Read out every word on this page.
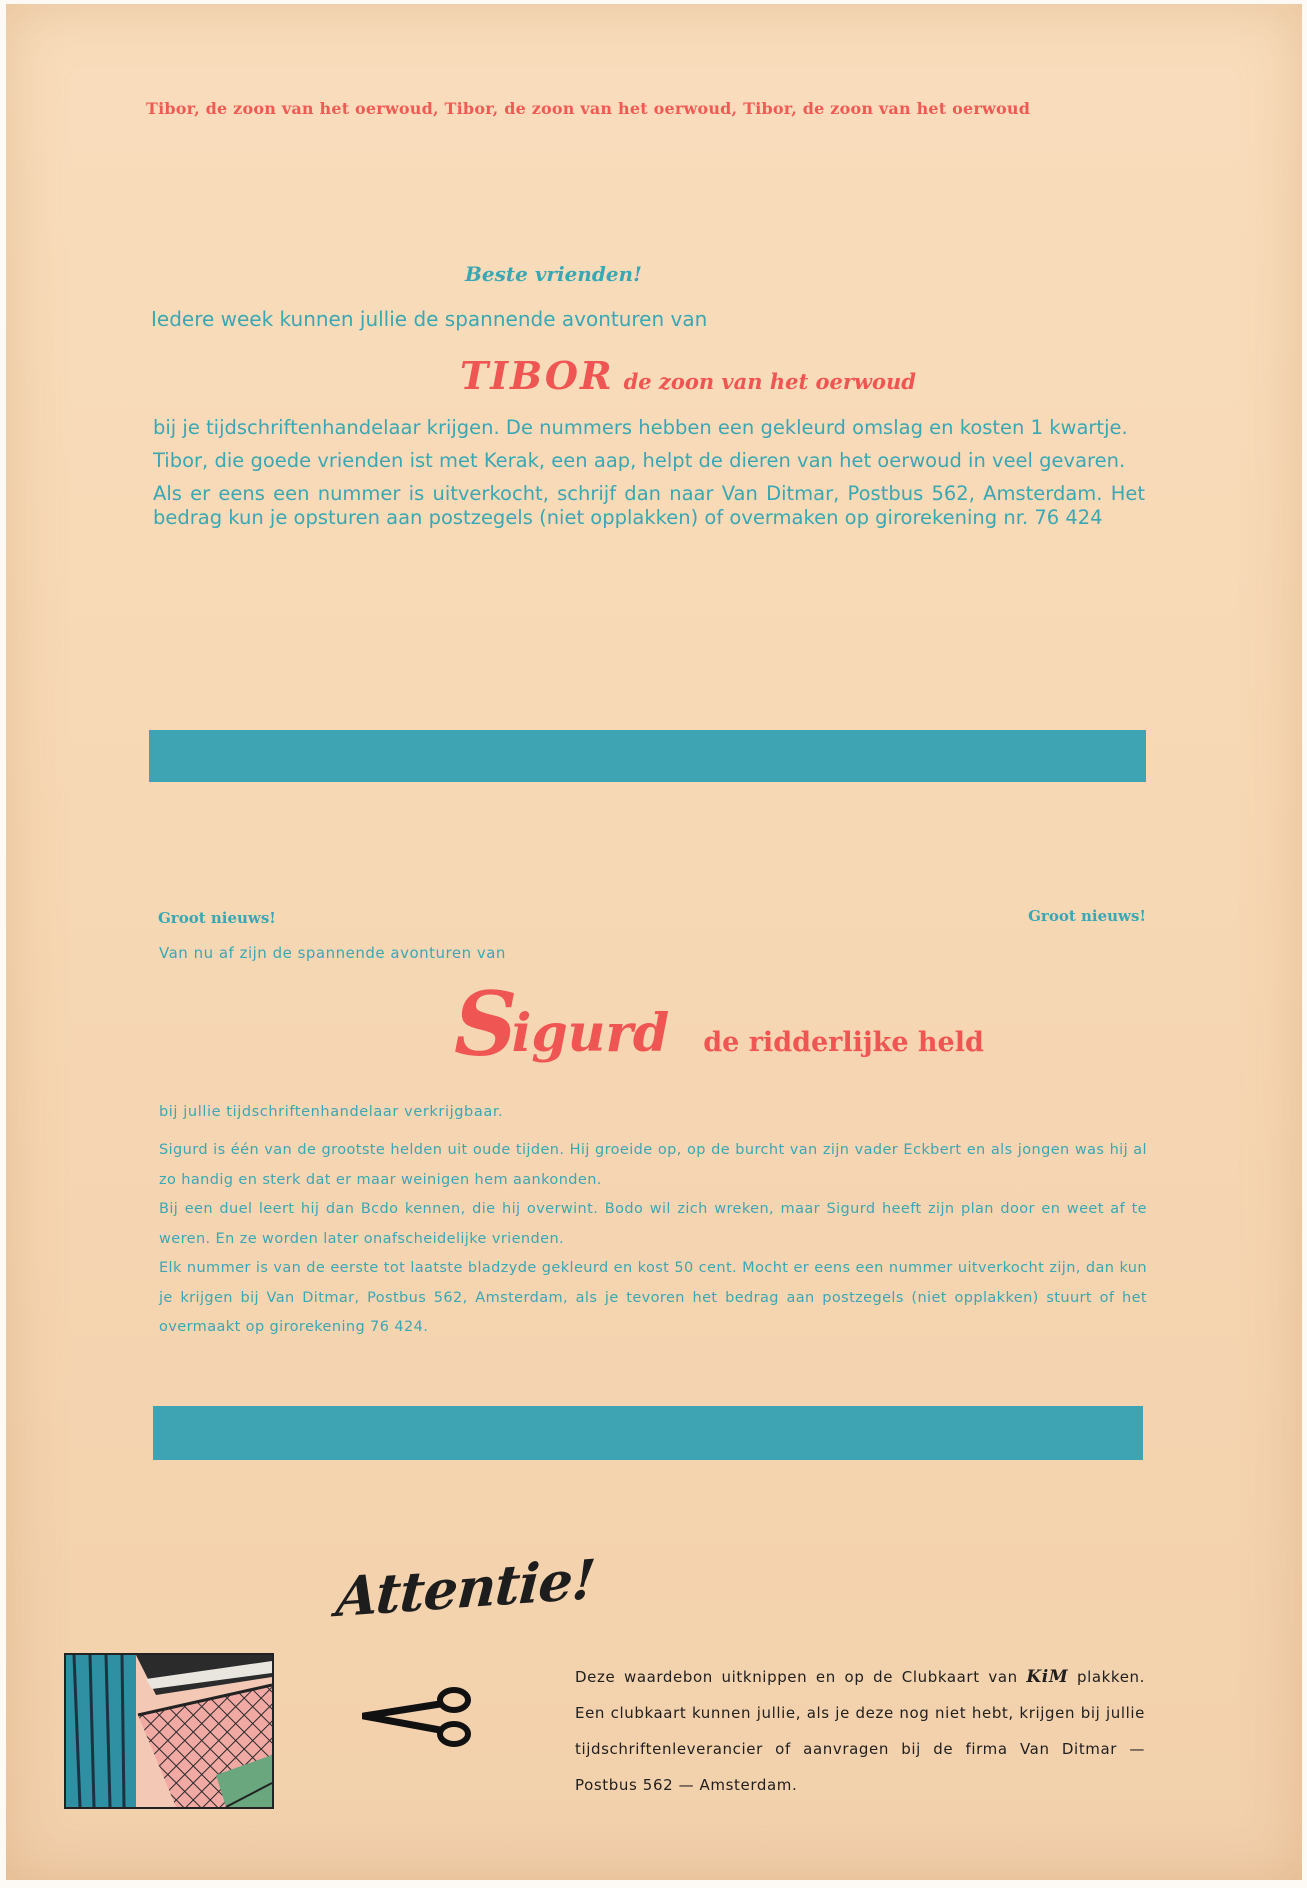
Tibor, de zoon van het oerwoud, Tibor, de zoon van het oerwoud, Tibor, de zoon van het oerwoud
Beste vrienden!
Iedere week kunnen jullie de spannende avonturen van
TIBOR de zoon van het oerwoud

bij je tijdschriftenhandelaar krijgen. De nummers hebben een gekleurd omslag en kosten 1 kwartje.

Tibor, die goede vrienden ist met Kerak, een aap, helpt de dieren van het oerwoud in veel gevaren.

Als er eens een nummer is uitverkocht, schrijf dan naar Van Ditmar, Postbus 562, Amsterdam. Het bedrag kun je opsturen aan postzegels (niet opplakken) of overmaken op girorekening nr. 76 424

Groot nieuws!	Groot nieuws!
Van nu af zijn de spannende avonturen van
Sigurd de ridderlijke held
bij jullie tijdschriftenhandelaar verkrijgbaar.

Sigurd is één van de grootste helden uit oude tijden. Hij groeide op, op de burcht van zijn vader Eckbert en als jongen was hij al zo handig en sterk dat er maar weinigen hem aankonden.

Bij een duel leert hij dan Bcdo kennen, die hij overwint. Bodo wil zich wreken, maar Sigurd heeft zijn plan door en weet af te weren. En ze worden later onafscheidelijke vrienden.

Elk nummer is van de eerste tot laatste bladzyde gekleurd en kost 50 cent. Mocht er eens een nummer uitverkocht zijn, dan kun je krijgen bij Van Ditmar, Postbus 562, Amsterdam, als je tevoren het bedrag aan postzegels (niet opplakken) stuurt of het overmaakt op girorekening 76 424.

Attentie!

Deze waardebon uitknippen en op de Clubkaart van KiM plakken. Een clubkaart kunnen jullie, als je deze nog niet hebt, krijgen bij jullie tijdschriftenleverancier of aanvragen bij de firma Van Ditmar — Postbus 562 — Amsterdam.
